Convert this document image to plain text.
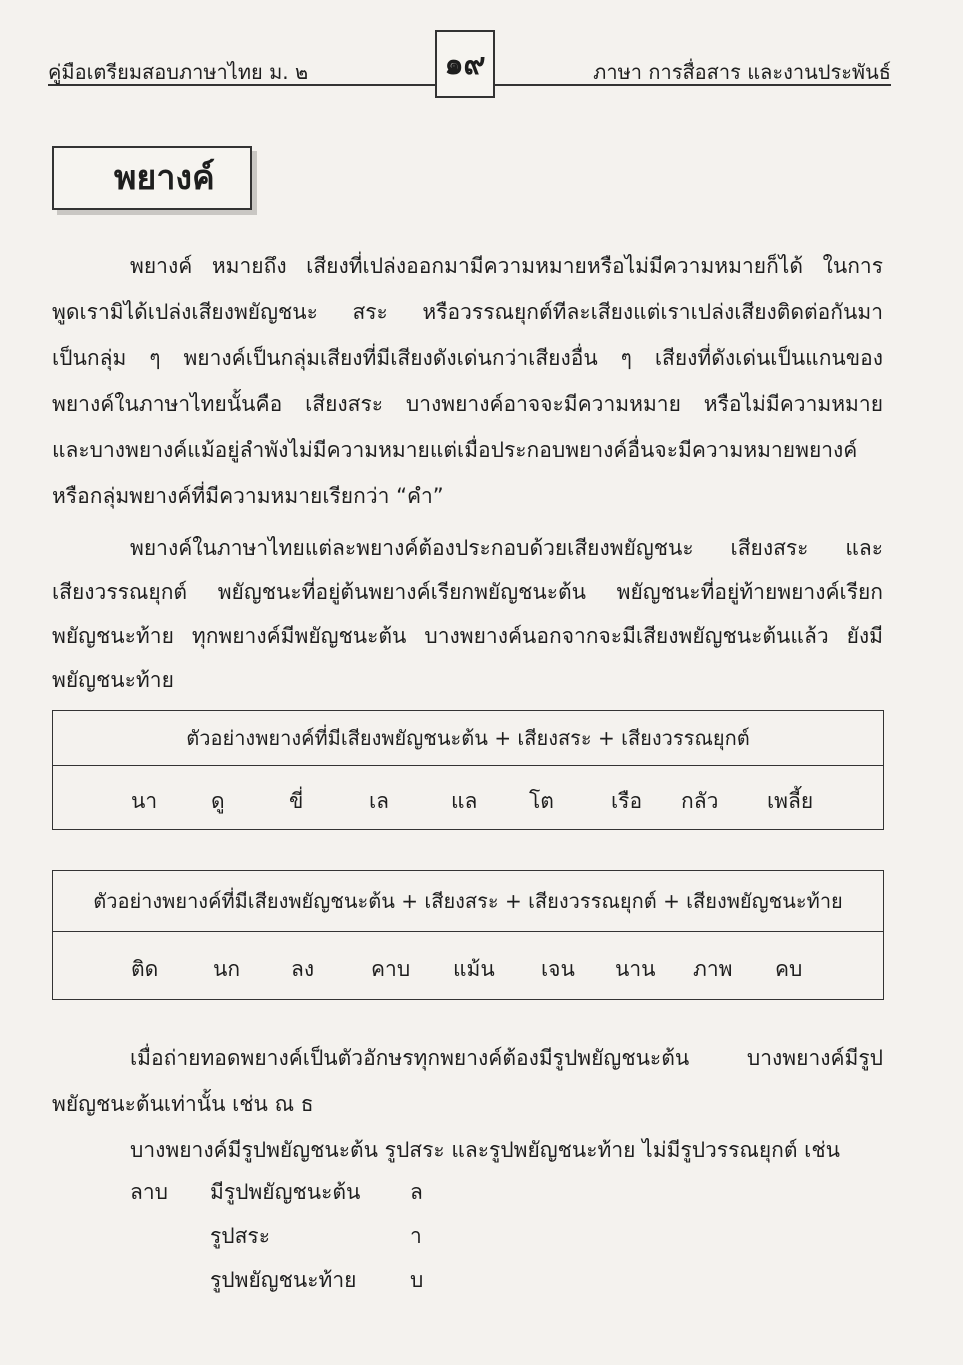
คู่มือเตรียมสอบภาษาไทย ม. ๒	๑๙	ภาษา การสื่อสาร และงานประพันธ์
พยางค์
พยางค์ หมายถึง เสียงที่เปล่งออกมามีความหมายหรือไม่มีความหมายก็ได้ ในการ
พูดเรามิได้เปล่งเสียงพยัญชนะ สระ หรือวรรณยุกต์ทีละเสียงแต่เราเปล่งเสียงติดต่อกันมา
เป็นกลุ่ม ๆ พยางค์เป็นกลุ่มเสียงที่มีเสียงดังเด่นกว่าเสียงอื่น ๆ เสียงที่ดังเด่นเป็นแกนของ
พยางค์ในภาษาไทยนั้นคือ เสียงสระ บางพยางค์อาจจะมีความหมาย หรือไม่มีความหมาย
และบางพยางค์แม้อยู่ลำพังไม่มีความหมายแต่เมื่อประกอบพยางค์อื่นจะมีความหมายพยางค์
หรือกลุ่มพยางค์ที่มีความหมายเรียกว่า “คำ”
พยางค์ในภาษาไทยแต่ละพยางค์ต้องประกอบด้วยเสียงพยัญชนะ เสียงสระ และ
เสียงวรรณยุกต์ พยัญชนะที่อยู่ต้นพยางค์เรียกพยัญชนะต้น พยัญชนะที่อยู่ท้ายพยางค์เรียก
พยัญชนะท้าย ทุกพยางค์มีพยัญชนะต้น บางพยางค์นอกจากจะมีเสียงพยัญชนะต้นแล้ว ยังมี
พยัญชนะท้าย
ตัวอย่างพยางค์ที่มีเสียงพยัญชนะต้น + เสียงสระ + เสียงวรรณยุกต์
นา	ดู	ขี่	เล	แล โต	เรือ กลัว เพลี้ย
ตัวอย่างพยางค์ที่มีเสียงพยัญชนะต้น + เสียงสระ + เสียงวรรณยุกต์ + เสียงพยัญชนะท้าย
ติด	นก ลง	คาบ แม้น เจน นาน ภาพ คบ
เมื่อถ่ายทอดพยางค์เป็นตัวอักษรทุกพยางค์ต้องมีรูปพยัญชนะต้น บางพยางค์มีรูป
พยัญชนะต้นเท่านั้น เช่น ณ ธ
บางพยางค์มีรูปพยัญชนะต้น รูปสระ และรูปพยัญชนะท้าย ไม่มีรูปวรรณยุกต์ เช่น
ลาบ มีรูปพยัญชนะต้น ล
รูปสระ	า
รูปพยัญชนะท้าย	บ
